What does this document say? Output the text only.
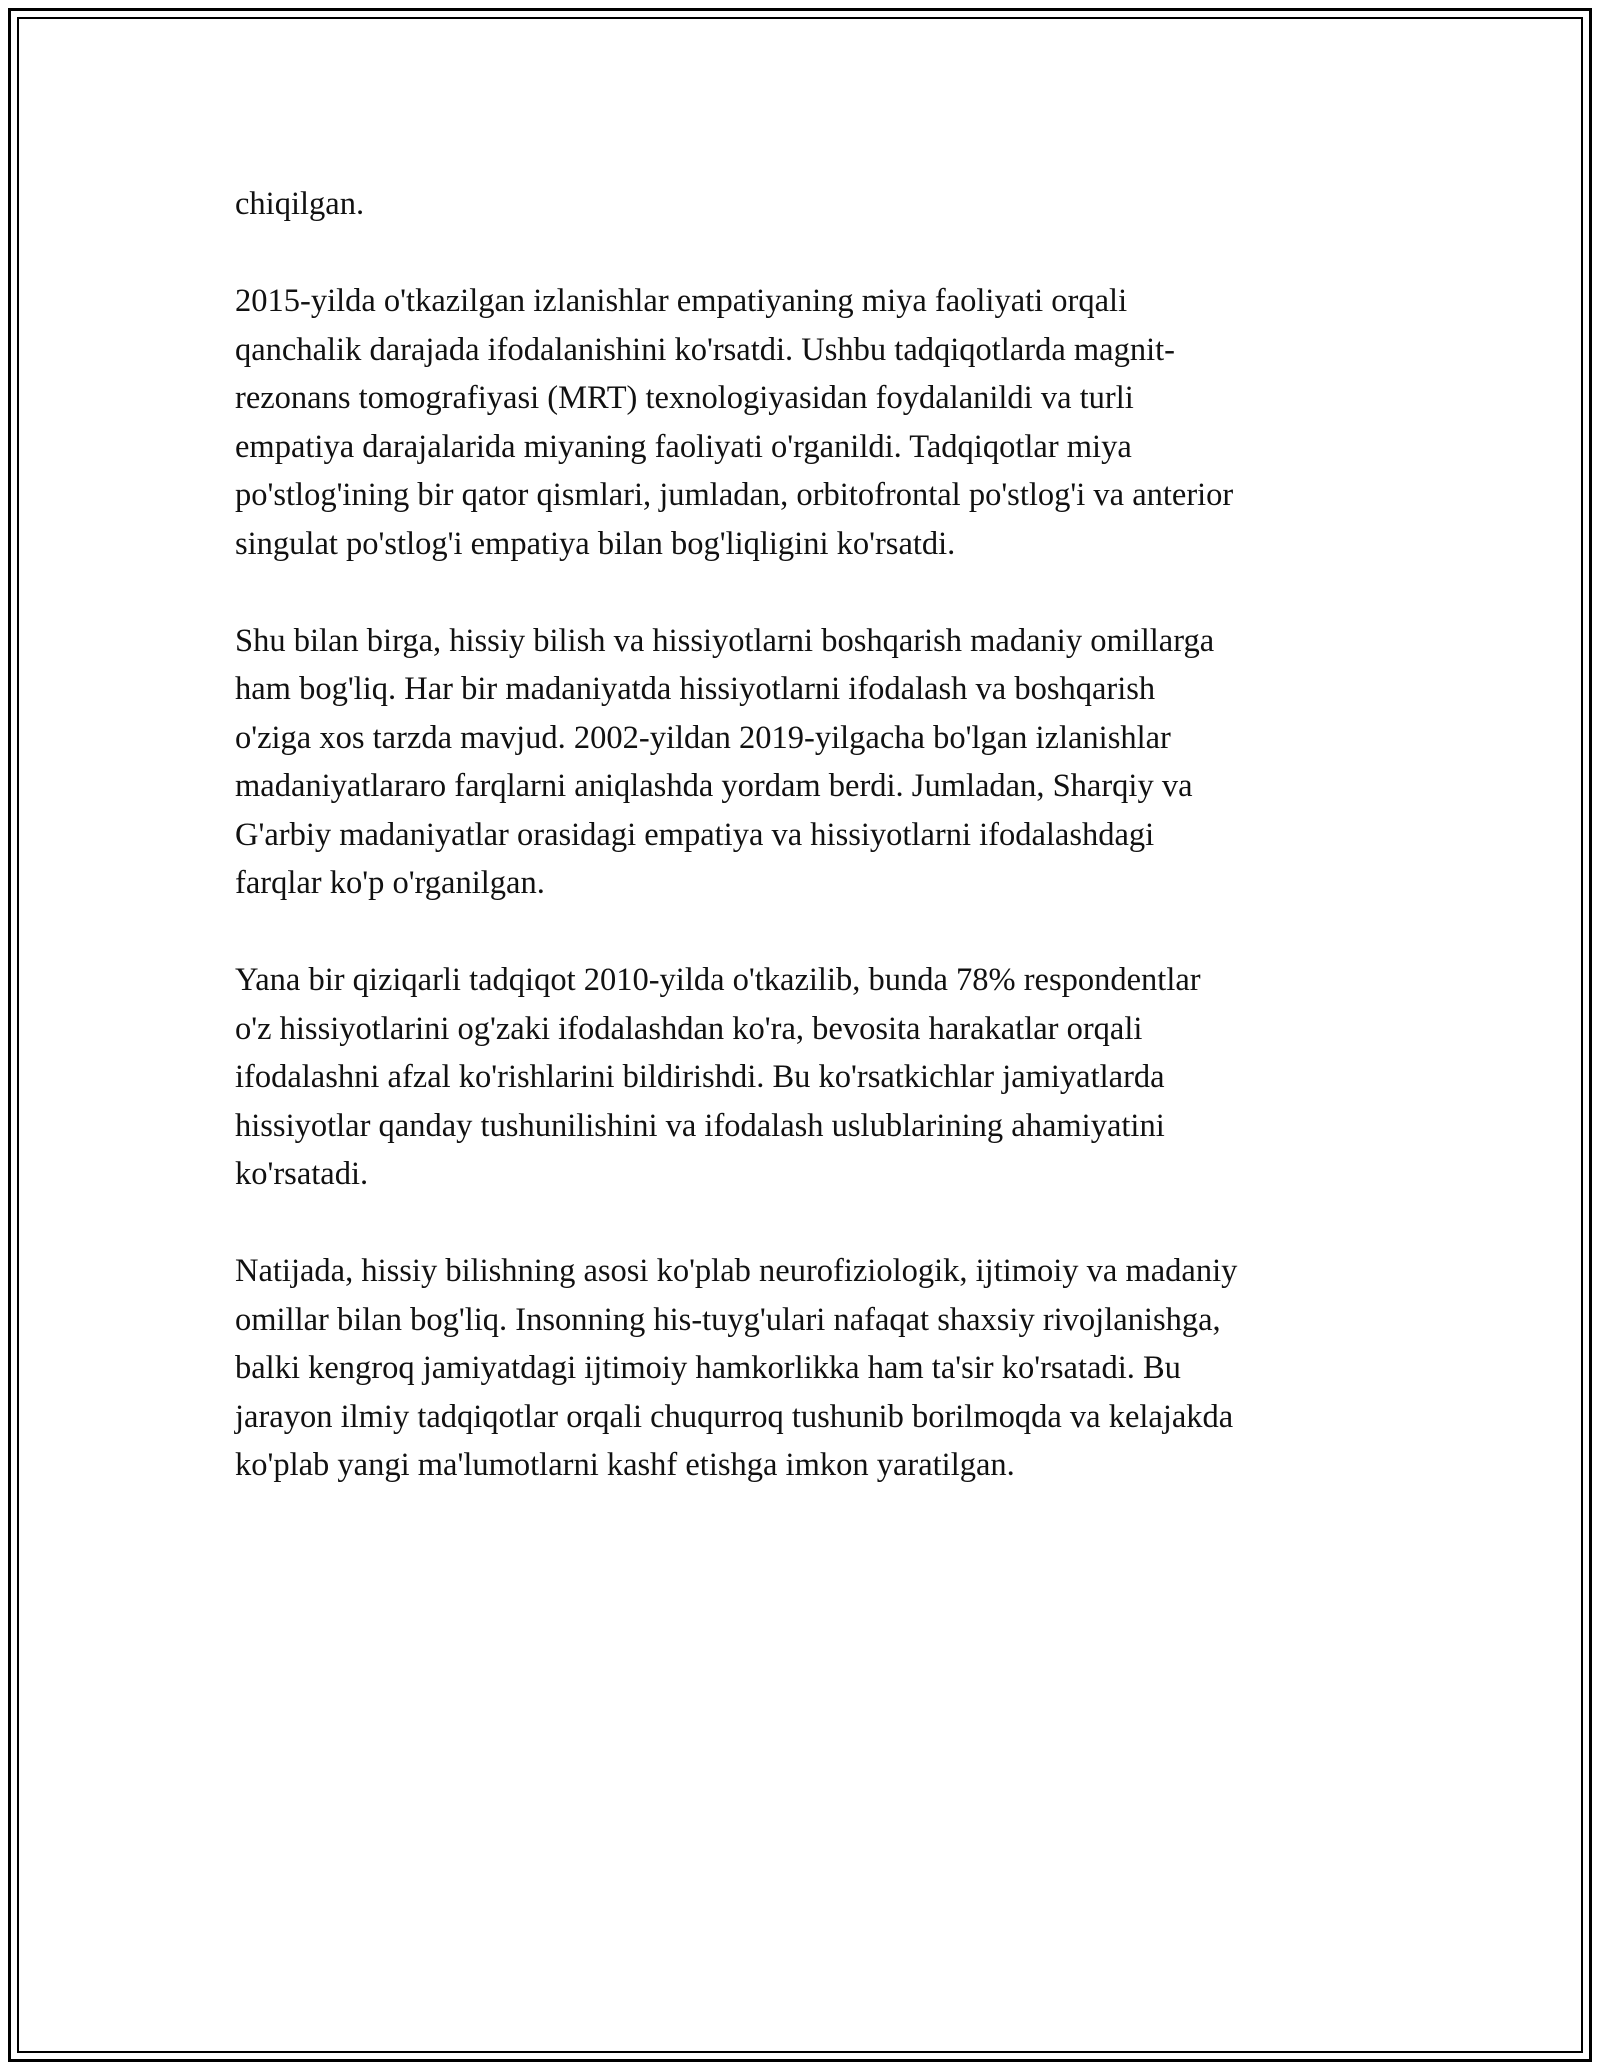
chiqilgan.

2015-yilda o'tkazilgan izlanishlar empatiyaning miya faoliyati orqali
qanchalik darajada ifodalanishini ko'rsatdi. Ushbu tadqiqotlarda magnit-
rezonans tomografiyasi (MRT) texnologiyasidan foydalanildi va turli
empatiya darajalarida miyaning faoliyati o'rganildi. Tadqiqotlar miya
po'stlog'ining bir qator qismlari, jumladan, orbitofrontal po'stlog'i va anterior
singulat po'stlog'i empatiya bilan bog'liqligini ko'rsatdi.

Shu bilan birga, hissiy bilish va hissiyotlarni boshqarish madaniy omillarga
ham bog'liq. Har bir madaniyatda hissiyotlarni ifodalash va boshqarish
o'ziga xos tarzda mavjud. 2002-yildan 2019-yilgacha bo'lgan izlanishlar
madaniyatlararo farqlarni aniqlashda yordam berdi. Jumladan, Sharqiy va
G'arbiy madaniyatlar orasidagi empatiya va hissiyotlarni ifodalashdagi
farqlar ko'p o'rganilgan.

Yana bir qiziqarli tadqiqot 2010-yilda o'tkazilib, bunda 78% respondentlar
o'z hissiyotlarini og'zaki ifodalashdan ko'ra, bevosita harakatlar orqali
ifodalashni afzal ko'rishlarini bildirishdi. Bu ko'rsatkichlar jamiyatlarda
hissiyotlar qanday tushunilishini va ifodalash uslublarining ahamiyatini
ko'rsatadi.

Natijada, hissiy bilishning asosi ko'plab neurofiziologik, ijtimoiy va madaniy
omillar bilan bog'liq. Insonning his-tuyg'ulari nafaqat shaxsiy rivojlanishga,
balki kengroq jamiyatdagi ijtimoiy hamkorlikka ham ta'sir ko'rsatadi. Bu
jarayon ilmiy tadqiqotlar orqali chuqurroq tushunib borilmoqda va kelajakda
ko'plab yangi ma'lumotlarni kashf etishga imkon yaratilgan.
